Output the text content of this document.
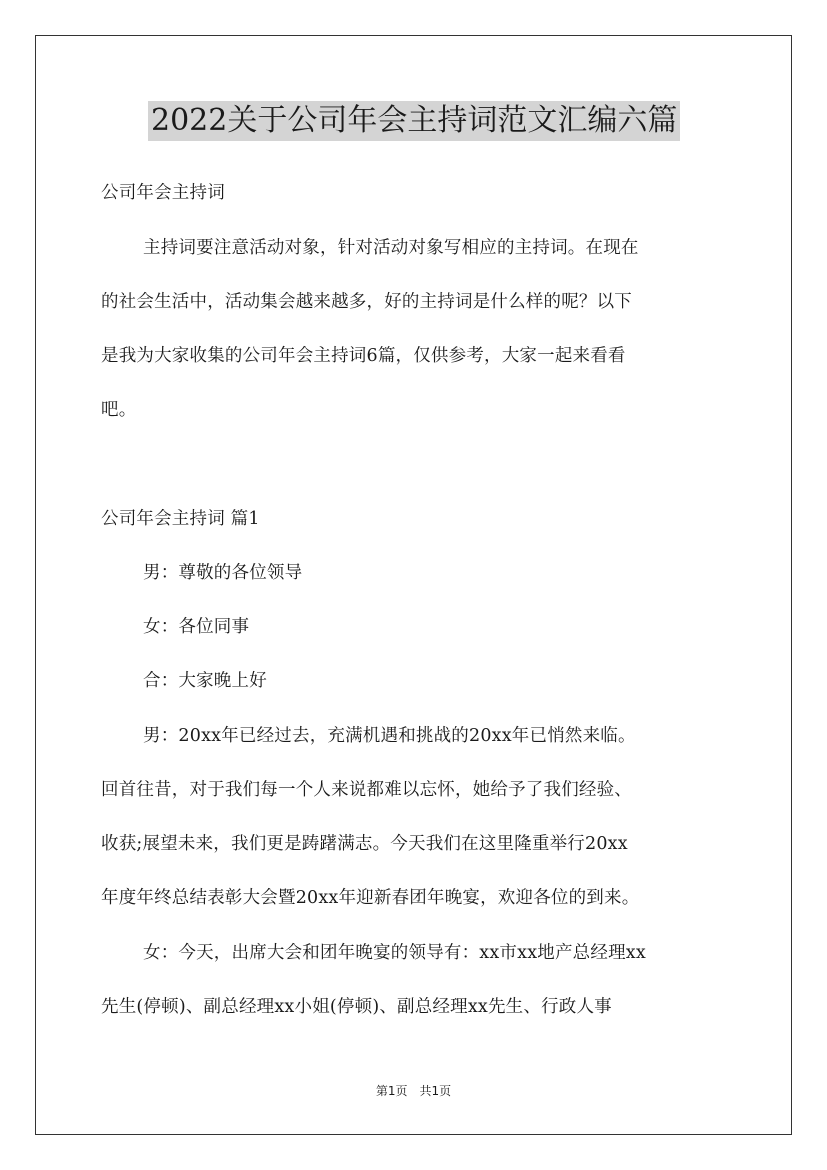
2022关于公司年会主持词范文汇编六篇
公司年会主持词
主持词要注意活动对象，针对活动对象写相应的主持词。在现在
的社会生活中，活动集会越来越多，好的主持词是什么样的呢？以下
是我为大家收集的公司年会主持词6篇，仅供参考，大家一起来看看
吧。
公司年会主持词 篇1
男：尊敬的各位领导
女：各位同事
合：大家晚上好
男：20xx年已经过去，充满机遇和挑战的20xx年已悄然来临。
回首往昔，对于我们每一个人来说都难以忘怀，她给予了我们经验、
收获;展望未来，我们更是踌躇满志。今天我们在这里隆重举行20xx
年度年终总结表彰大会暨20xx年迎新春团年晚宴，欢迎各位的到来。
女：今天，出席大会和团年晚宴的领导有：xx市xx地产总经理xx
先生(停顿)、副总经理xx小姐(停顿)、副总经理xx先生、行政人事
第1页　共1页
